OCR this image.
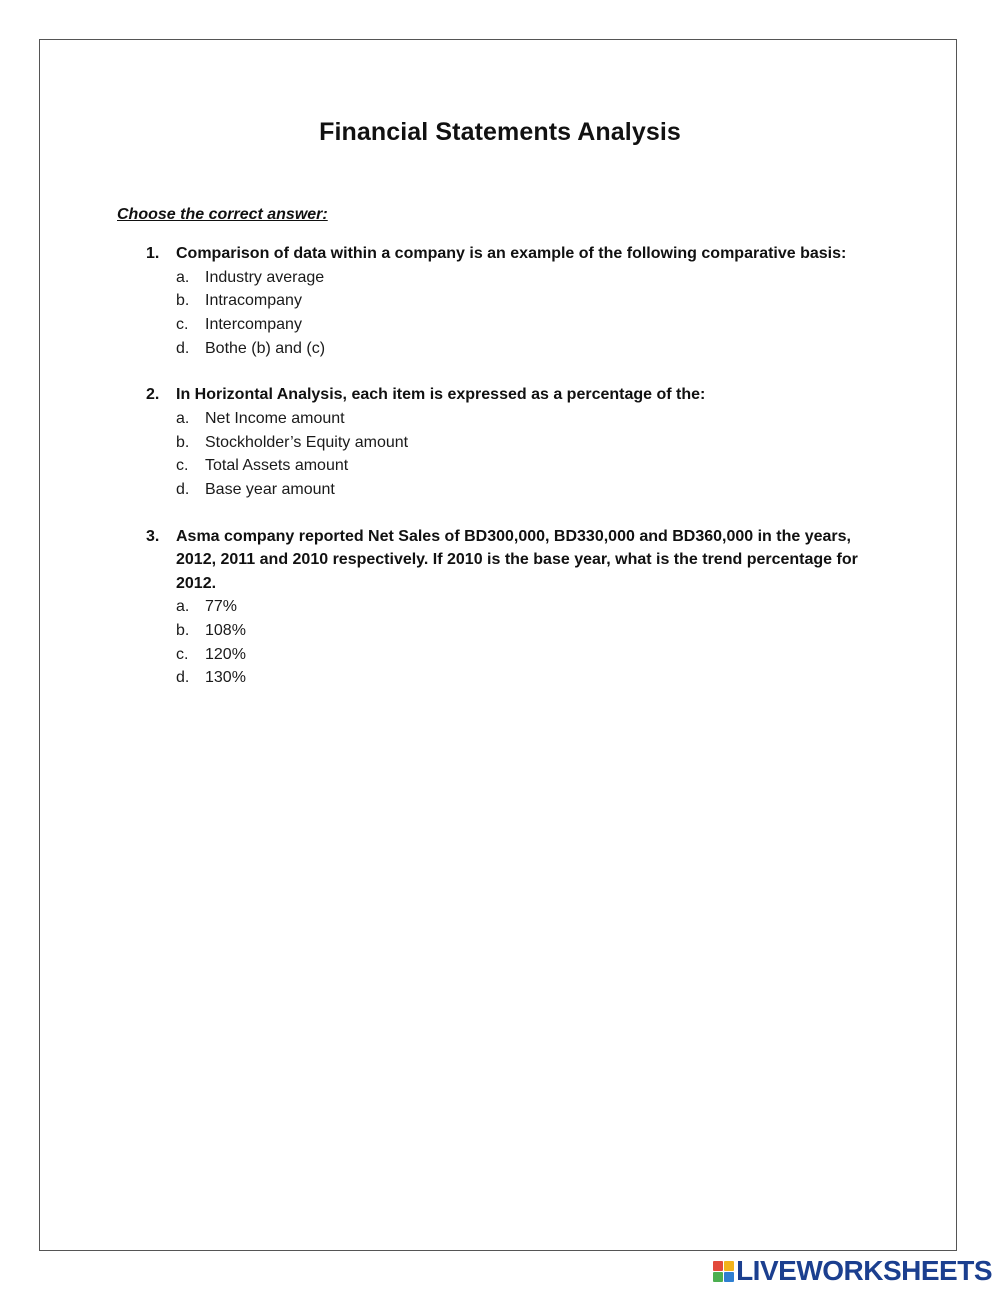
Financial Statements Analysis
Choose the correct answer:
1.	Comparison of data within a company is an example of the following comparative basis:
a. Industry average
b. Intracompany
c.	Intercompany
d. Bothe (b) and (c)
2.	In Horizontal Analysis, each item is expressed as a percentage of the:
a. Net Income amount
b. Stockholder’s Equity amount
c.	Total Assets amount
d. Base year amount
3.	Asma company reported Net Sales of BD300,000, BD330,000 and BD360,000 in the years, 2012, 2011 and 2010 respectively. If 2010 is the base year, what is the trend percentage for 2012.
a. 77%
b. 108%
c.	120%
d. 130%
LIVEWORKSHEETS
